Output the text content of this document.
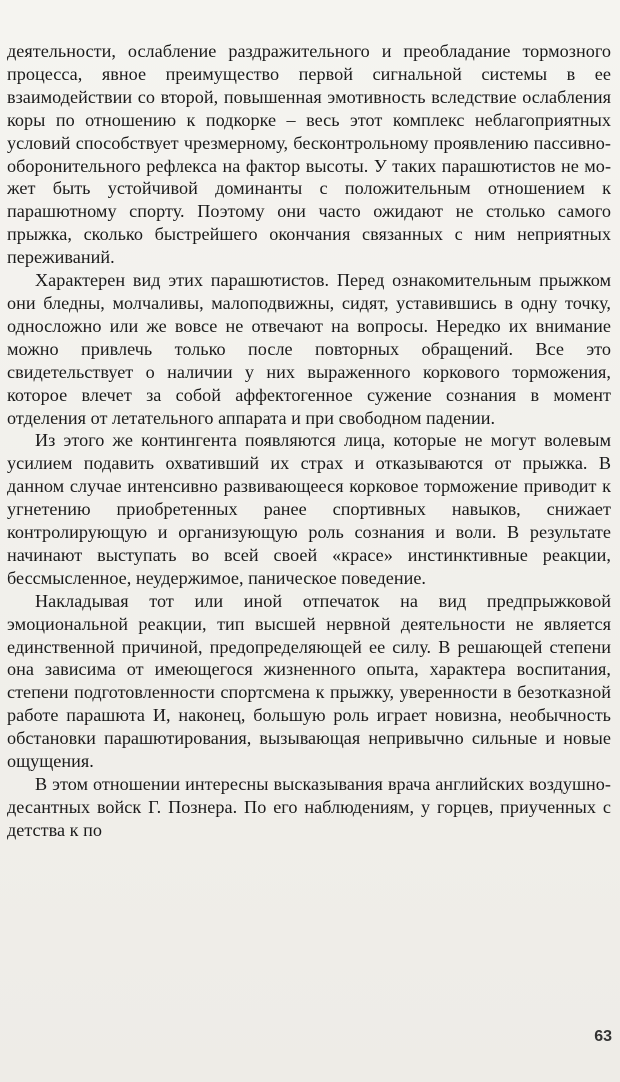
деятельности, ослабление раздражительного и преобладание тормозного процесса, явное преимущество первой сигнальной системы в ее взаимодействии со второй, повышенная эмотивность вследствие ослабления коры по отношению к подкорке – весь этот комплекс неблагоприятных условий способствует чрезмерному, бесконтрольному проявлению пассивно-оборонительного рефлекса на фактор высоты. У таких парашютистов не может быть устойчивой доминанты с положительным отношением к парашютному спорту. Поэтому они часто ожидают не столько самого прыжка, сколько быстрейшего окончания связанных с ним неприятных переживаний.

Характерен вид этих парашютистов. Перед ознакомительным прыжком они бледны, молчаливы, малоподвижны, сидят, уставившись в одну точку, односложно или же вовсе не отвечают на вопросы. Нередко их внимание можно привлечь только после повторных обращений. Все это свидетельствует о наличии у них выраженного коркового торможения, которое влечет за собой аффектогенное сужение сознания в момент отделения от летательного аппарата и при свободном падении.

Из этого же контингента появляются лица, которые не могут волевым усилием подавить охвативший их страх и отказываются от прыжка. В данном случае интенсивно развивающееся корковое торможение приводит к угнетению приобретенных ранее спортивных навыков, снижает контролирующую и организующую роль сознания и воли. В результате начинают выступать во всей своей «красе» инстинктивные реакции, бессмысленное, неудержимое, паническое поведение.

Накладывая тот или иной отпечаток на вид предпрыжковой эмоциональной реакции, тип высшей нервной деятельности не является единственной причиной, предопределяющей ее силу. В решающей степени она зависима от имеющегося жизненного опыта, характера воспитания, степени подготовленности спортсмена к прыжку, уверенности в безотказной работе парашюта И, наконец, большую роль играет новизна, необычность обстановки парашютирования, вызывающая непривычно сильные и новые ощущения.

В этом отношении интересны высказывания врача английских воздушно-десантных войск Г. Познера. По его наблюдениям, у горцев, приученных с детства к по

63
